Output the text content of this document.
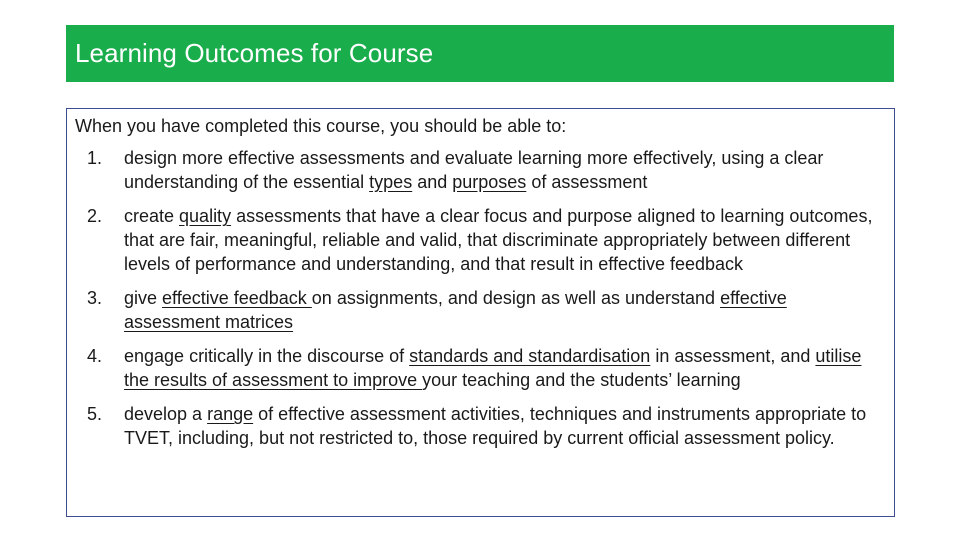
Learning Outcomes for Course

When you have completed this course, you should be able to:

1. design more effective assessments and evaluate learning more effectively, using a clear understanding of the essential types and purposes of assessment
2. create quality assessments that have a clear focus and purpose aligned to learning outcomes, that are fair, meaningful, reliable and valid, that discriminate appropriately between different levels of performance and understanding, and that result in effective feedback
3. give effective feedback on assignments, and design as well as understand effective assessment matrices
4. engage critically in the discourse of standards and standardisation in assessment, and utilise the results of assessment to improve your teaching and the students’ learning
5. develop a range of effective assessment activities, techniques and instruments appropriate to TVET, including, but not restricted to, those required by current official assessment policy.
